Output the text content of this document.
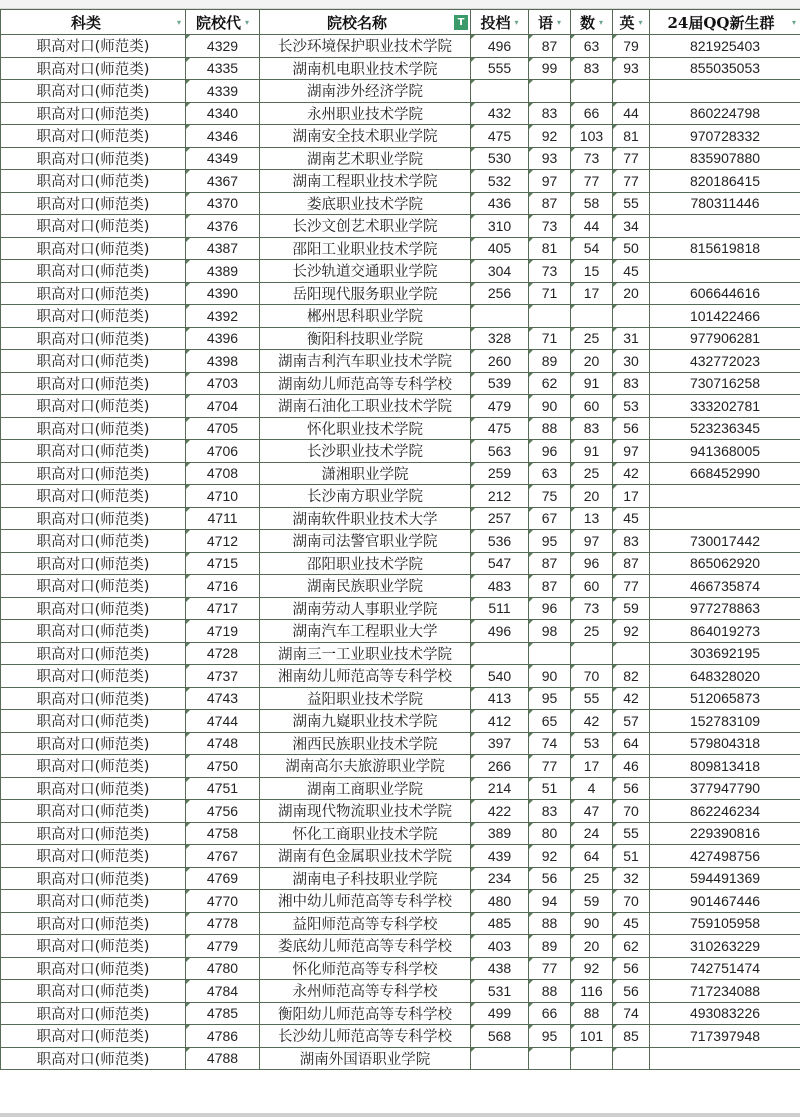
科类 ▾	院校代 ▾	院校名称 T	投档 ▾	语 ▾	数 ▾	英 ▾	24届QQ新生群 ▾

职高对口(师范类)	4329	长沙环境保护职业技术学院	496	87	63	79	821925403
职高对口(师范类)	4335	湖南机电职业技术学院	555	99	83	93	855035053
职高对口(师范类)	4339	湖南涉外经济学院					
职高对口(师范类)	4340	永州职业技术学院	432	83	66	44	860224798
职高对口(师范类)	4346	湖南安全技术职业学院	475	92	103	81	970728332
职高对口(师范类)	4349	湖南艺术职业学院	530	93	73	77	835907880
职高对口(师范类)	4367	湖南工程职业技术学院	532	97	77	77	820186415
职高对口(师范类)	4370	娄底职业技术学院	436	87	58	55	780311446
职高对口(师范类)	4376	长沙文创艺术职业学院	310	73	44	34	
职高对口(师范类)	4387	邵阳工业职业技术学院	405	81	54	50	815619818
职高对口(师范类)	4389	长沙轨道交通职业学院	304	73	15	45	
职高对口(师范类)	4390	岳阳现代服务职业学院	256	71	17	20	606644616
职高对口(师范类)	4392	郴州思科职业学院					101422466
职高对口(师范类)	4396	衡阳科技职业学院	328	71	25	31	977906281
职高对口(师范类)	4398	湖南吉利汽车职业技术学院	260	89	20	30	432772023
职高对口(师范类)	4703	湖南幼儿师范高等专科学校	539	62	91	83	730716258
职高对口(师范类)	4704	湖南石油化工职业技术学院	479	90	60	53	333202781
职高对口(师范类)	4705	怀化职业技术学院	475	88	83	56	523236345
职高对口(师范类)	4706	长沙职业技术学院	563	96	91	97	941368005
职高对口(师范类)	4708	潇湘职业学院	259	63	25	42	668452990
职高对口(师范类)	4710	长沙南方职业学院	212	75	20	17	
职高对口(师范类)	4711	湖南软件职业技术大学	257	67	13	45	
职高对口(师范类)	4712	湖南司法警官职业学院	536	95	97	83	730017442
职高对口(师范类)	4715	邵阳职业技术学院	547	87	96	87	865062920
职高对口(师范类)	4716	湖南民族职业学院	483	87	60	77	466735874
职高对口(师范类)	4717	湖南劳动人事职业学院	511	96	73	59	977278863
职高对口(师范类)	4719	湖南汽车工程职业大学	496	98	25	92	864019273
职高对口(师范类)	4728	湖南三一工业职业技术学院					303692195
职高对口(师范类)	4737	湘南幼儿师范高等专科学校	540	90	70	82	648328020
职高对口(师范类)	4743	益阳职业技术学院	413	95	55	42	512065873
职高对口(师范类)	4744	湖南九嶷职业技术学院	412	65	42	57	152783109
职高对口(师范类)	4748	湘西民族职业技术学院	397	74	53	64	579804318
职高对口(师范类)	4750	湖南高尔夫旅游职业学院	266	77	17	46	809813418
职高对口(师范类)	4751	湖南工商职业学院	214	51	4	56	377947790
职高对口(师范类)	4756	湖南现代物流职业技术学院	422	83	47	70	862246234
职高对口(师范类)	4758	怀化工商职业技术学院	389	80	24	55	229390816
职高对口(师范类)	4767	湖南有色金属职业技术学院	439	92	64	51	427498756
职高对口(师范类)	4769	湖南电子科技职业学院	234	56	25	32	594491369
职高对口(师范类)	4770	湘中幼儿师范高等专科学校	480	94	59	70	901467446
职高对口(师范类)	4778	益阳师范高等专科学校	485	88	90	45	759105958
职高对口(师范类)	4779	娄底幼儿师范高等专科学校	403	89	20	62	310263229
职高对口(师范类)	4780	怀化师范高等专科学校	438	77	92	56	742751474
职高对口(师范类)	4784	永州师范高等专科学校	531	88	116	56	717234088
职高对口(师范类)	4785	衡阳幼儿师范高等专科学校	499	66	88	74	493083226
职高对口(师范类)	4786	长沙幼儿师范高等专科学校	568	95	101	85	717397948
职高对口(师范类)	4788	湖南外国语职业学院					
